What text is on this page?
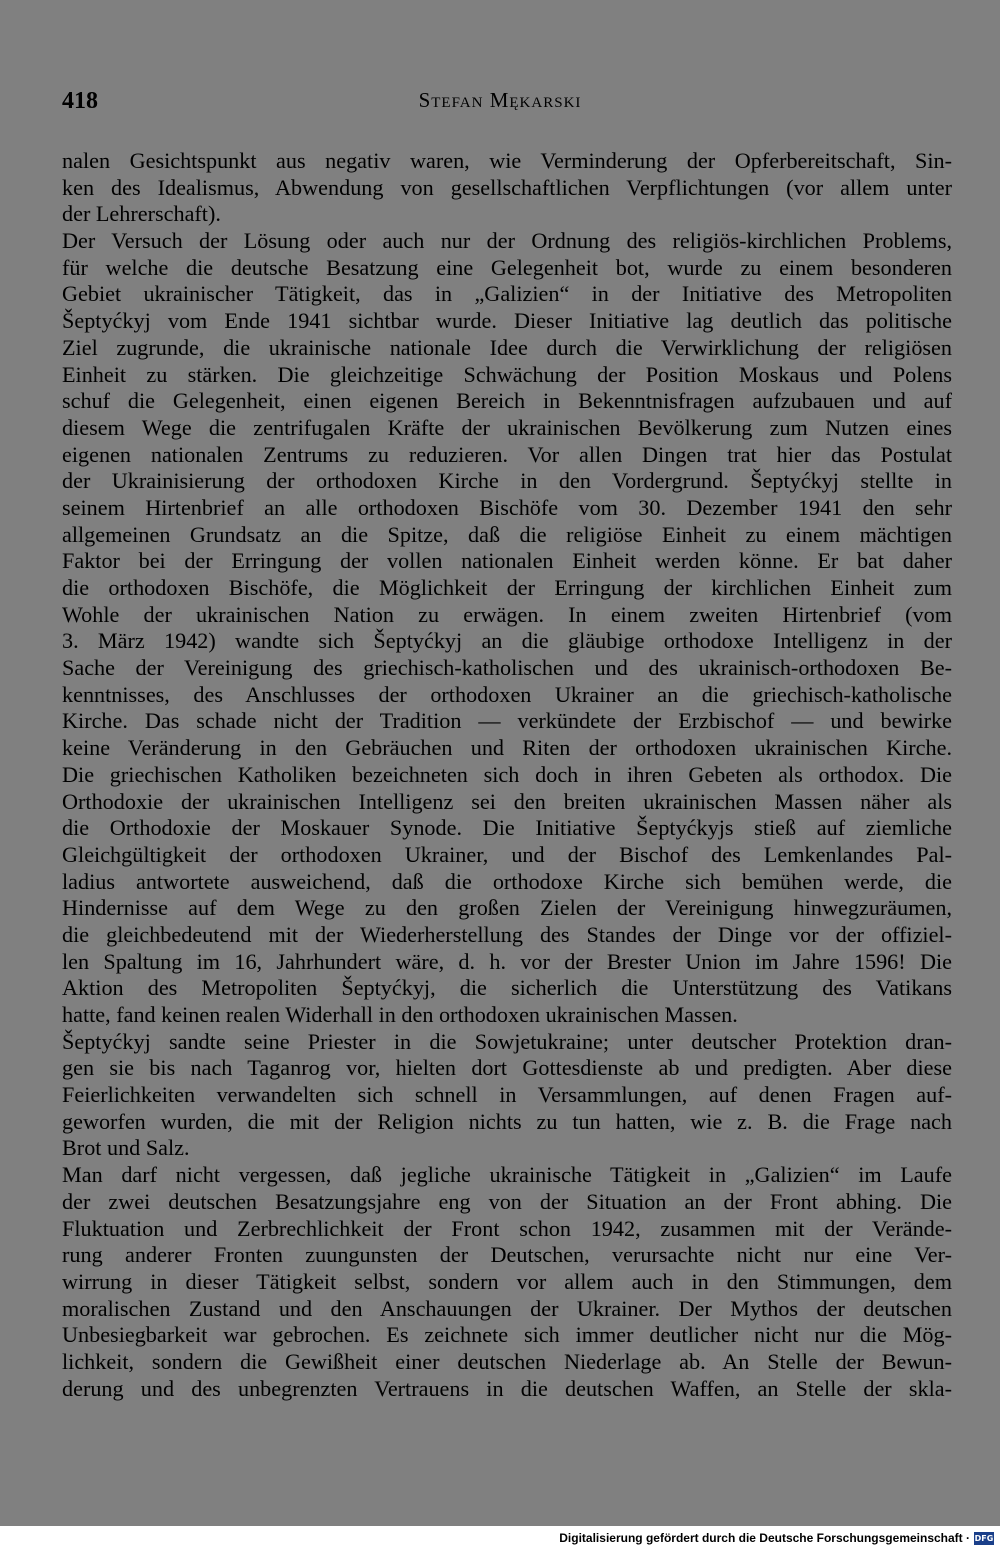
418	Stefan Mękarski
nalen Gesichtspunkt aus negativ waren, wie Verminderung der Opferbereitschaft, Sin-
ken des Idealismus, Abwendung von gesellschaftlichen Verpflichtungen (vor allem unter
der Lehrerschaft).
Der Versuch der Lösung oder auch nur der Ordnung des religiös-kirchlichen Problems,
für welche die deutsche Besatzung eine Gelegenheit bot, wurde zu einem besonderen
Gebiet ukrainischer Tätigkeit, das in „Galizien“ in der Initiative des Metropoliten
Šeptyćkyj vom Ende 1941 sichtbar wurde. Dieser Initiative lag deutlich das politische
Ziel zugrunde, die ukrainische nationale Idee durch die Verwirklichung der religiösen
Einheit zu stärken. Die gleichzeitige Schwächung der Position Moskaus und Polens
schuf die Gelegenheit, einen eigenen Bereich in Bekenntnisfragen aufzubauen und auf
diesem Wege die zentrifugalen Kräfte der ukrainischen Bevölkerung zum Nutzen eines
eigenen nationalen Zentrums zu reduzieren. Vor allen Dingen trat hier das Postulat
der Ukrainisierung der orthodoxen Kirche in den Vordergrund. Šeptyćkyj stellte in
seinem Hirtenbrief an alle orthodoxen Bischöfe vom 30. Dezember 1941 den sehr
allgemeinen Grundsatz an die Spitze, daß die religiöse Einheit zu einem mächtigen
Faktor bei der Erringung der vollen nationalen Einheit werden könne. Er bat daher
die orthodoxen Bischöfe, die Möglichkeit der Erringung der kirchlichen Einheit zum
Wohle der ukrainischen Nation zu erwägen. In einem zweiten Hirtenbrief (vom
3. März 1942) wandte sich Šeptyćkyj an die gläubige orthodoxe Intelligenz in der
Sache der Vereinigung des griechisch-katholischen und des ukrainisch-orthodoxen Be-
kenntnisses, des Anschlusses der orthodoxen Ukrainer an die griechisch-katholische
Kirche. Das schade nicht der Tradition — verkündete der Erzbischof — und bewirke
keine Veränderung in den Gebräuchen und Riten der orthodoxen ukrainischen Kirche.
Die griechischen Katholiken bezeichneten sich doch in ihren Gebeten als orthodox. Die
Orthodoxie der ukrainischen Intelligenz sei den breiten ukrainischen Massen näher als
die Orthodoxie der Moskauer Synode. Die Initiative Šeptyćkyjs stieß auf ziemliche
Gleichgültigkeit der orthodoxen Ukrainer, und der Bischof des Lemkenlandes Pal-
ladius antwortete ausweichend, daß die orthodoxe Kirche sich bemühen werde, die
Hindernisse auf dem Wege zu den großen Zielen der Vereinigung hinwegzuräumen,
die gleichbedeutend mit der Wiederherstellung des Standes der Dinge vor der offiziel-
len Spaltung im 16, Jahrhundert wäre, d. h. vor der Brester Union im Jahre 1596! Die
Aktion des Metropoliten Šeptyćkyj, die sicherlich die Unterstützung des Vatikans
hatte, fand keinen realen Widerhall in den orthodoxen ukrainischen Massen.
Šeptyćkyj sandte seine Priester in die Sowjetukraine; unter deutscher Protektion dran-
gen sie bis nach Taganrog vor, hielten dort Gottesdienste ab und predigten. Aber diese
Feierlichkeiten verwandelten sich schnell in Versammlungen, auf denen Fragen auf-
geworfen wurden, die mit der Religion nichts zu tun hatten, wie z. B. die Frage nach
Brot und Salz.
Man darf nicht vergessen, daß jegliche ukrainische Tätigkeit in „Galizien“ im Laufe
der zwei deutschen Besatzungsjahre eng von der Situation an der Front abhing. Die
Fluktuation und Zerbrechlichkeit der Front schon 1942, zusammen mit der Verände-
rung anderer Fronten zuungunsten der Deutschen, verursachte nicht nur eine Ver-
wirrung in dieser Tätigkeit selbst, sondern vor allem auch in den Stimmungen, dem
moralischen Zustand und den Anschauungen der Ukrainer. Der Mythos der deutschen
Unbesiegbarkeit war gebrochen. Es zeichnete sich immer deutlicher nicht nur die Mög-
lichkeit, sondern die Gewißheit einer deutschen Niederlage ab. An Stelle der Bewun-
derung und des unbegrenzten Vertrauens in die deutschen Waffen, an Stelle der skla-
Digitalisierung gefördert durch die Deutsche Forschungsgemeinschaft · DFG
